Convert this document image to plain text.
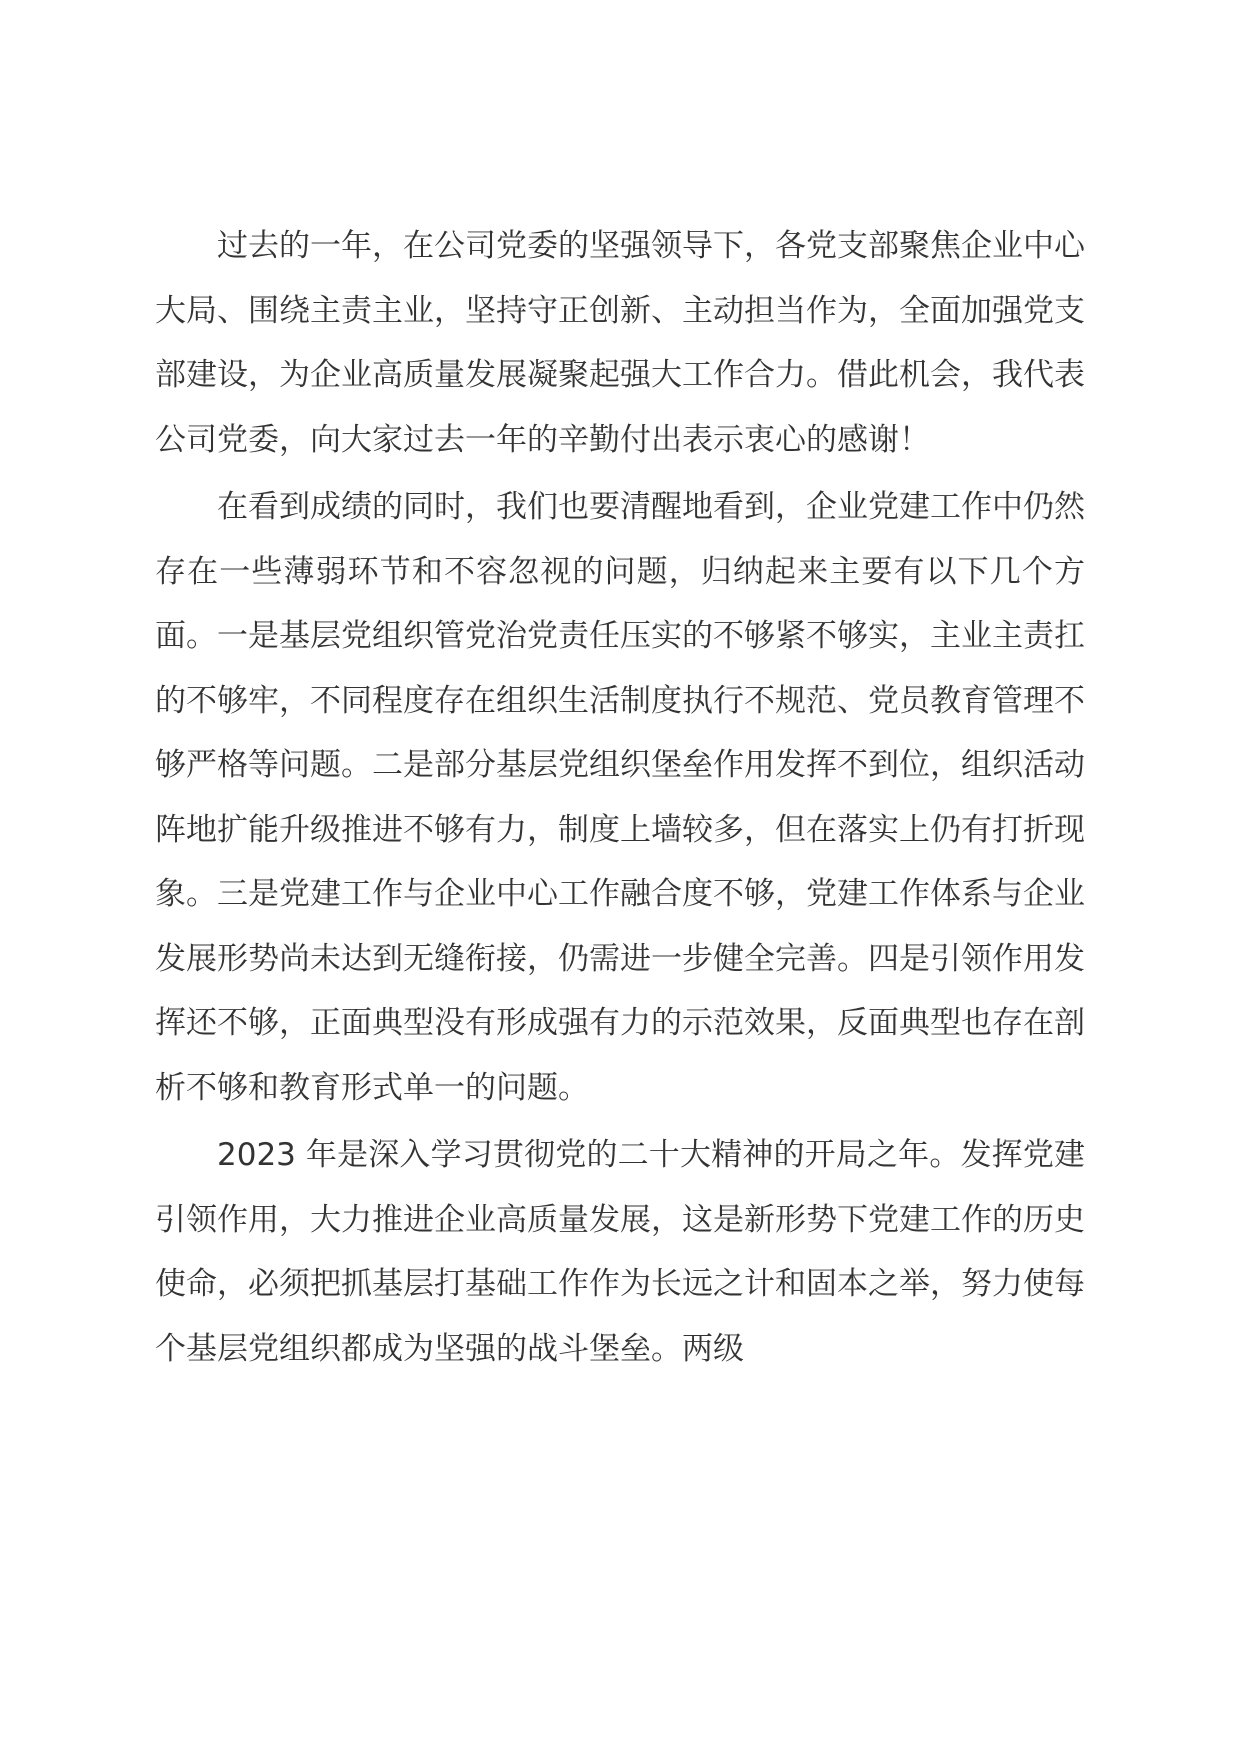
过去的一年，在公司党委的坚强领导下，各党支部聚焦企业中心大局、围绕主责主业，坚持守正创新、主动担当作为，全面加强党支部建设，为企业高质量发展凝聚起强大工作合力。借此机会，我代表公司党委，向大家过去一年的辛勤付出表示衷心的感谢！

在看到成绩的同时，我们也要清醒地看到，企业党建工作中仍然存在一些薄弱环节和不容忽视的问题，归纳起来主要有以下几个方面。一是基层党组织管党治党责任压实的不够紧不够实，主业主责扛的不够牢，不同程度存在组织生活制度执行不规范、党员教育管理不够严格等问题。二是部分基层党组织堡垒作用发挥不到位，组织活动阵地扩能升级推进不够有力，制度上墙较多，但在落实上仍有打折现象。三是党建工作与企业中心工作融合度不够，党建工作体系与企业发展形势尚未达到无缝衔接，仍需进一步健全完善。四是引领作用发挥还不够，正面典型没有形成强有力的示范效果，反面典型也存在剖析不够和教育形式单一的问题。

2023 年是深入学习贯彻党的二十大精神的开局之年。发挥党建引领作用，大力推进企业高质量发展，这是新形势下党建工作的历史使命，必须把抓基层打基础工作作为长远之计和固本之举，努力使每个基层党组织都成为坚强的战斗堡垒。两级
